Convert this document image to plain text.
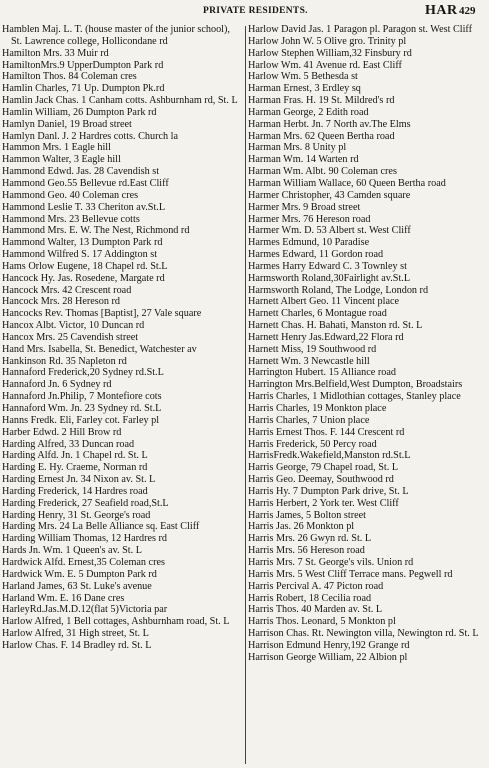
PRIVATE RESIDENTS.	HAR 429
Hamblen Maj. L. T. (house master of the junior school), St. Lawrence college, Hollicondane rd
Hamilton Mrs. 33 Muir rd
HamiltonMrs.9 UpperDumpton Park rd
Hamilton Thos. 84 Coleman cres
Hamlin Charles, 71 Up. Dumpton Pk.rd
Hamlin Jack Chas. 1 Canham cotts. Ashburnham rd, St. L
Hamlin William, 26 Dumpton Park rd
Hamlyn Daniel, 19 Broad street
Hamlyn Danl. J. 2 Hardres cotts. Church la
Hammon Mrs. 1 Eagle hill
Hammon Walter, 3 Eagle hill
Hammond Edwd. Jas. 28 Cavendish st
Hammond Geo.55 Bellevue rd.East Cliff
Hammond Geo. 40 Coleman cres
Hammond Leslie T. 33 Cheriton av.St.L
Hammond Mrs. 23 Bellevue cotts
Hammond Mrs. E. W. The Nest, Richmond rd
Hammond Walter, 13 Dumpton Park rd
Hammond Wilfred S. 17 Addington st
Hams Orlow Eugene, 18 Chapel rd. St.L
Hancock Hy. Jas. Rosedene, Margate rd
Hancock Mrs. 42 Crescent road
Hancock Mrs. 28 Hereson rd
Hancocks Rev. Thomas [Baptist], 27 Vale square
Hancox Albt. Victor, 10 Duncan rd
Hancox Mrs. 25 Cavendish street
Hand Mrs. Isabella, St. Benedict, Watchester av
Hankinson Rd. 35 Napleton rd
Hannaford Frederick,20 Sydney rd.St.L
Hannaford Jn. 6 Sydney rd
Hannaford Jn.Philip, 7 Montefiore cots
Hannaford Wm. Jn. 23 Sydney rd. St.L
Hanns Fredk. Eli, Farley cot. Farley pl
Harber Edwd. 2 Hill Brow rd
Harding Alfred, 33 Duncan road
Harding Alfd. Jn. 1 Chapel rd. St. L
Harding E. Hy. Craeme, Norman rd
Harding Ernest Jn. 34 Nixon av. St. L
Harding Frederick, 14 Hardres road
Harding Frederick, 27 Seafield road,St.L
Harding Henry, 31 St. George's road
Harding Mrs. 24 La Belle Alliance sq. East Cliff
Harding William Thomas, 12 Hardres rd
Hards Jn. Wm. 1 Queen's av. St. L
Hardwick Alfd. Ernest,35 Coleman cres
Hardwick Wm. E. 5 Dumpton Park rd
Harland James, 63 St. Luke's avenue
Harland Wm. E. 16 Dane cres
HarleyRd.Jas.M.D.12(flat 5)Victoria par
Harlow Alfred, 1 Bell cottages, Ashburnham road, St. L
Harlow Alfred, 31 High street, St. L
Harlow Chas. F. 14 Bradley rd. St. L
Harlow David Jas. 1 Paragon pl. Paragon st. West Cliff
Harlow John W. 5 Olive gro. Trinity pl
Harlow Stephen William,32 Finsbury rd
Harlow Wm. 41 Avenue rd. East Cliff
Harlow Wm. 5 Bethesda st
Harman Ernest, 3 Erdley sq
Harman Fras. H. 19 St. Mildred's rd
Harman George, 2 Edith road
Harman Herbt. Jn. 7 North av.The Elms
Harman Mrs. 62 Queen Bertha road
Harman Mrs. 8 Unity pl
Harman Wm. 14 Warten rd
Harman Wm. Albt. 90 Coleman cres
Harman William Wallace, 60 Queen Bertha road
Harmer Christopher, 43 Camden square
Harmer Mrs. 9 Broad street
Harmer Mrs. 76 Hereson road
Harmer Wm. D. 53 Albert st. West Cliff
Harmes Edmund, 10 Paradise
Harmes Edward, 11 Gordon road
Harmes Harry Edward C. 3 Townley st
Harmsworth Roland,30Fairlight av.St.L
Harmsworth Roland, The Lodge, London rd
Harnett Albert Geo. 11 Vincent place
Harnett Charles, 6 Montague road
Harnett Chas. H. Bahati, Manston rd. St. L
Harnett Henry Jas.Edward,22 Flora rd
Harnett Miss, 19 Southwood rd
Harnett Wm. 3 Newcastle hill
Harrington Hubert. 15 Alliance road
Harrington Mrs.Belfield,West Dumpton, Broadstairs
Harris Charles, 1 Midlothian cottages, Stanley place
Harris Charles, 19 Monkton place
Harris Charles, 7 Union place
Harris Ernest Thos. F. 144 Crescent rd
Harris Frederick, 50 Percy road
HarrisFredk.Wakefield,Manston rd.St.L
Harris George, 79 Chapel road, St. L
Harris Geo. Deemay, Southwood rd
Harris Hy. 7 Dumpton Park drive, St. L
Harris Herbert, 2 York ter. West Cliff
Harris James, 5 Bolton street
Harris Jas. 26 Monkton pl
Harris Mrs. 26 Gwyn rd. St. L
Harris Mrs. 56 Hereson road
Harris Mrs. 7 St. George's vils. Union rd
Harris Mrs. 5 West Cliff Terrace mans. Pegwell rd
Harris Percival A. 47 Picton road
Harris Robert, 18 Cecilia road
Harris Thos. 40 Marden av. St. L
Harris Thos. Leonard, 5 Monkton pl
Harrison Chas. Rt. Newington villa, Newington rd. St. L
Harrison Edmund Henry,192 Grange rd
Harrison George William, 22 Albion pl
